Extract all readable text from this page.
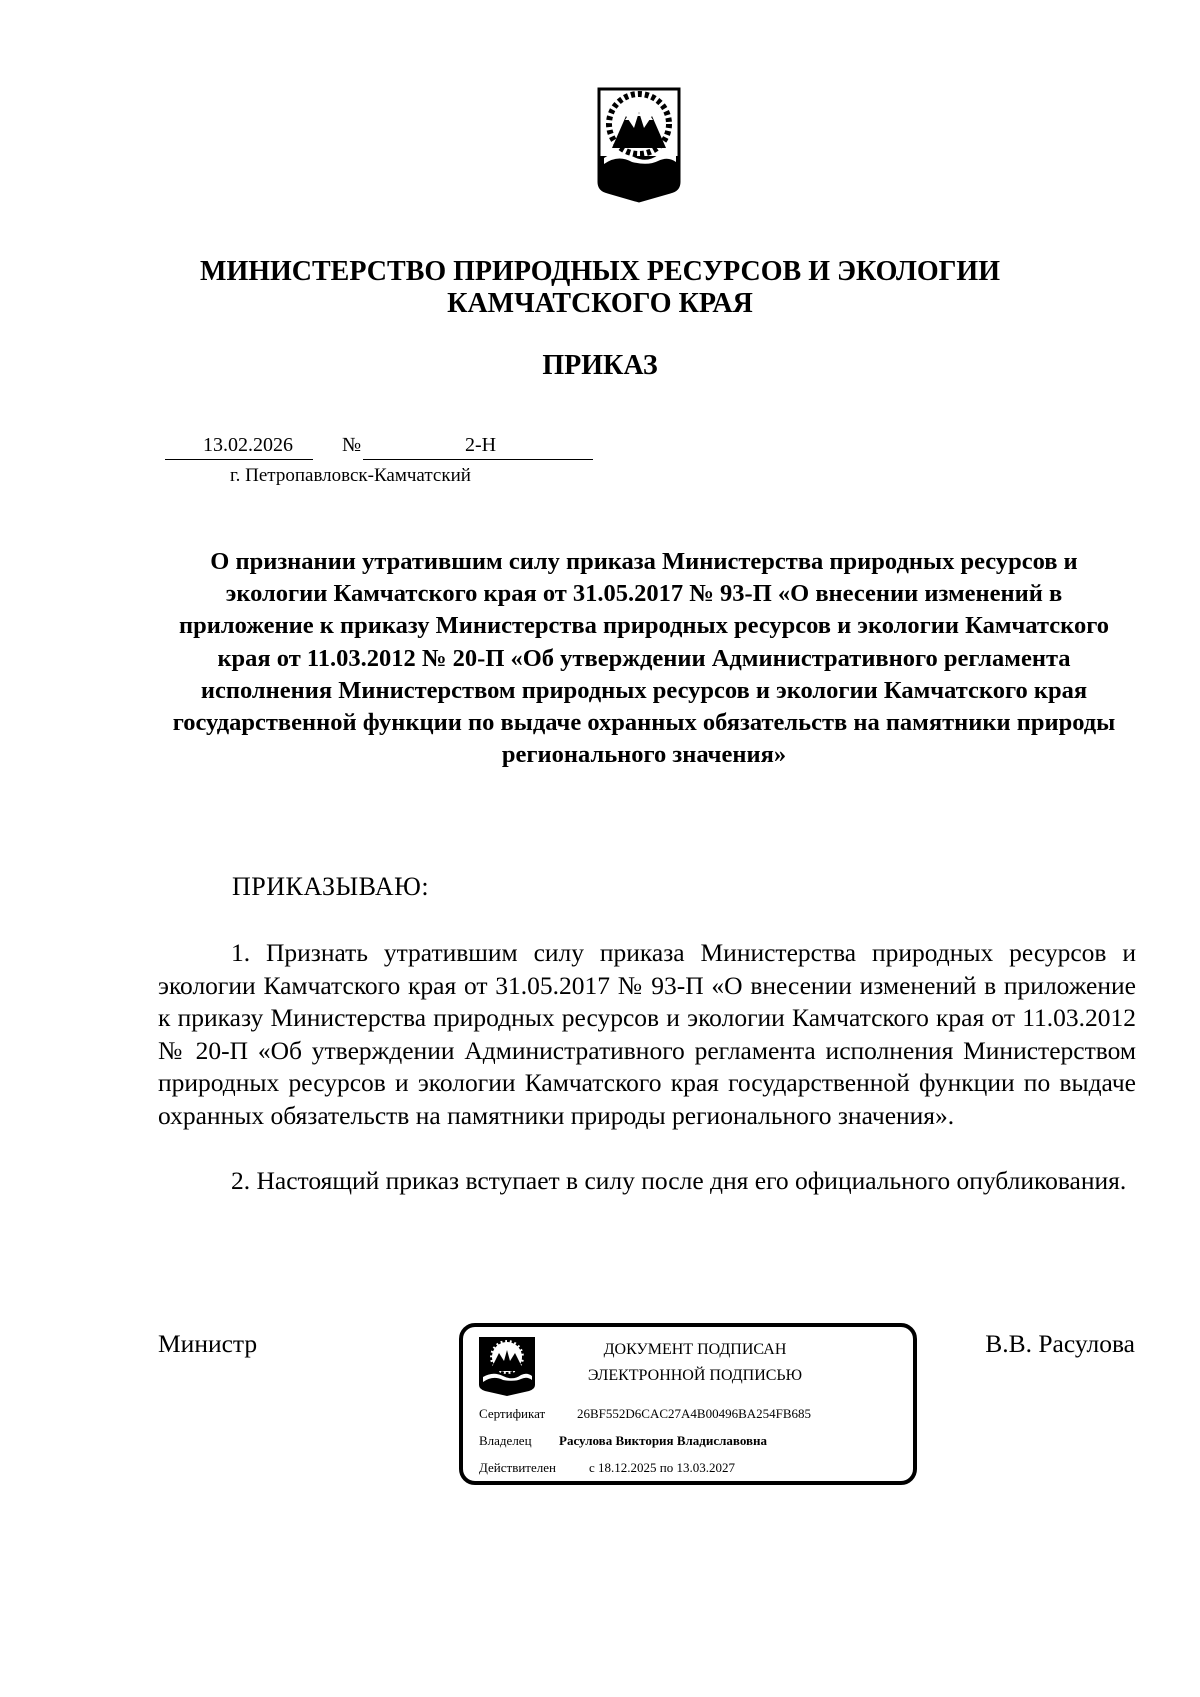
МИНИСТЕРСТВО ПРИРОДНЫХ РЕСУРСОВ И ЭКОЛОГИИ
КАМЧАТСКОГО КРАЯ
ПРИКАЗ
13.02.2026 №	2-Н
г. Петропавловск-Камчатский
О признании утратившим силу приказа Министерства природных ресурсов и экологии Камчатского края от 31.05.2017 № 93-П «О внесении изменений в приложение к приказу Министерства природных ресурсов и экологии Камчатского края от 11.03.2012 № 20-П «Об утверждении Административного регламента исполнения Министерством природных ресурсов и экологии Камчатского края государственной функции по выдаче охранных обязательств на памятники природы регионального значения»
ПРИКАЗЫВАЮ:
1. Признать утратившим силу приказа Министерства природных ресурсов и экологии Камчатского края от 31.05.2017 № 93-П «О внесении изменений в приложение к приказу Министерства природных ресурсов и экологии Камчатского края от 11.03.2012 № 20-П «Об утверждении Административного регламента исполнения Министерством природных ресурсов и экологии Камчатского края государственной функции по выдаче охранных обязательств на памятники природы регионального значения».
2. Настоящий приказ вступает в силу после дня его официального опубликования.
Министр	В.В. Расулова
ДОКУМЕНТ ПОДПИСАН
ЭЛЕКТРОННОЙ ПОДПИСЬЮ
Сертификат 26BF552D6CAC27A4B00496BA254FB685
Владелец Расулова Виктория Владиславовна
Действителен	с 18.12.2025 по 13.03.2027
